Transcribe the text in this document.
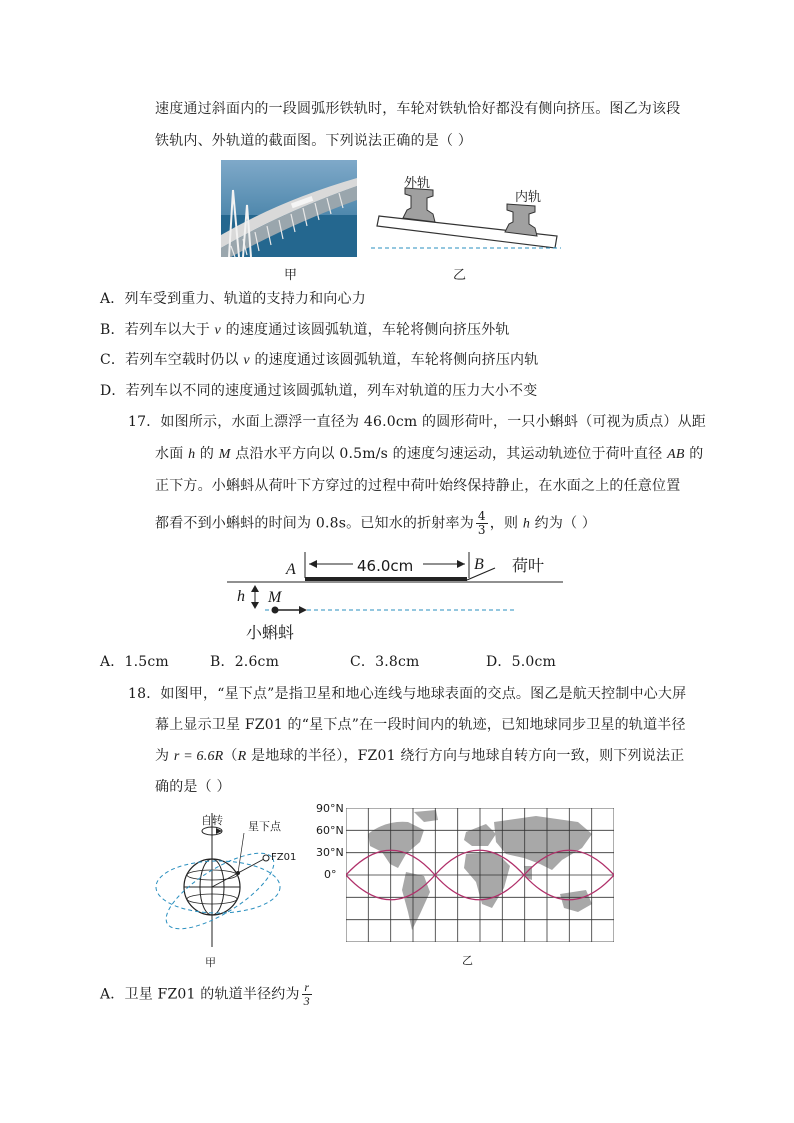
速度通过斜面内的一段圆弧形铁轨时，车轮对铁轨恰好都没有侧向挤压。图乙为该段
铁轨内、外轨道的截面图。下列说法正确的是（ ）
甲
外轨
内轨
乙
A．列车受到重力、轨道的支持力和向心力
B．若列车以大于 v 的速度通过该圆弧轨道，车轮将侧向挤压外轨
C．若列车空载时仍以 v 的速度通过该圆弧轨道，车轮将侧向挤压内轨
D．若列车以不同的速度通过该圆弧轨道，列车对轨道的压力大小不变
17．如图所示，水面上漂浮一直径为 46.0cm 的圆形荷叶，一只小蝌蚪（可视为质点）从距
水面 h 的 M 点沿水平方向以 0.5m/s 的速度匀速运动，其运动轨迹位于荷叶直径 AB 的
正下方。小蝌蚪从荷叶下方穿过的过程中荷叶始终保持静止，在水面之上的任意位置
都看不到小蝌蚪的时间为 0.8s。已知水的折射率为 $\frac{4}{3}$ ，则 h 约为（ ）
A	46.0cm	B 荷叶
h M
小蝌蚪
A．1.5cm	B．2.6cm	C．3.8cm	D．5.0cm
18．如图甲，“星下点”是指卫星和地心连线与地球表面的交点。图乙是航天控制中心大屏
幕上显示卫星 FZ01 的“星下点”在一段时间内的轨迹，已知地球同步卫星的轨道半径
为 r = 6.6R（R 是地球的半径），FZ01 绕行方向与地球自转方向一致，则下列说法正
确的是（ ）
自转 星下点
FZ01
甲
90°N
60°N
30°N
0°
乙
A．卫星 FZ01 的轨道半径约为 $\frac{r}{3}$
